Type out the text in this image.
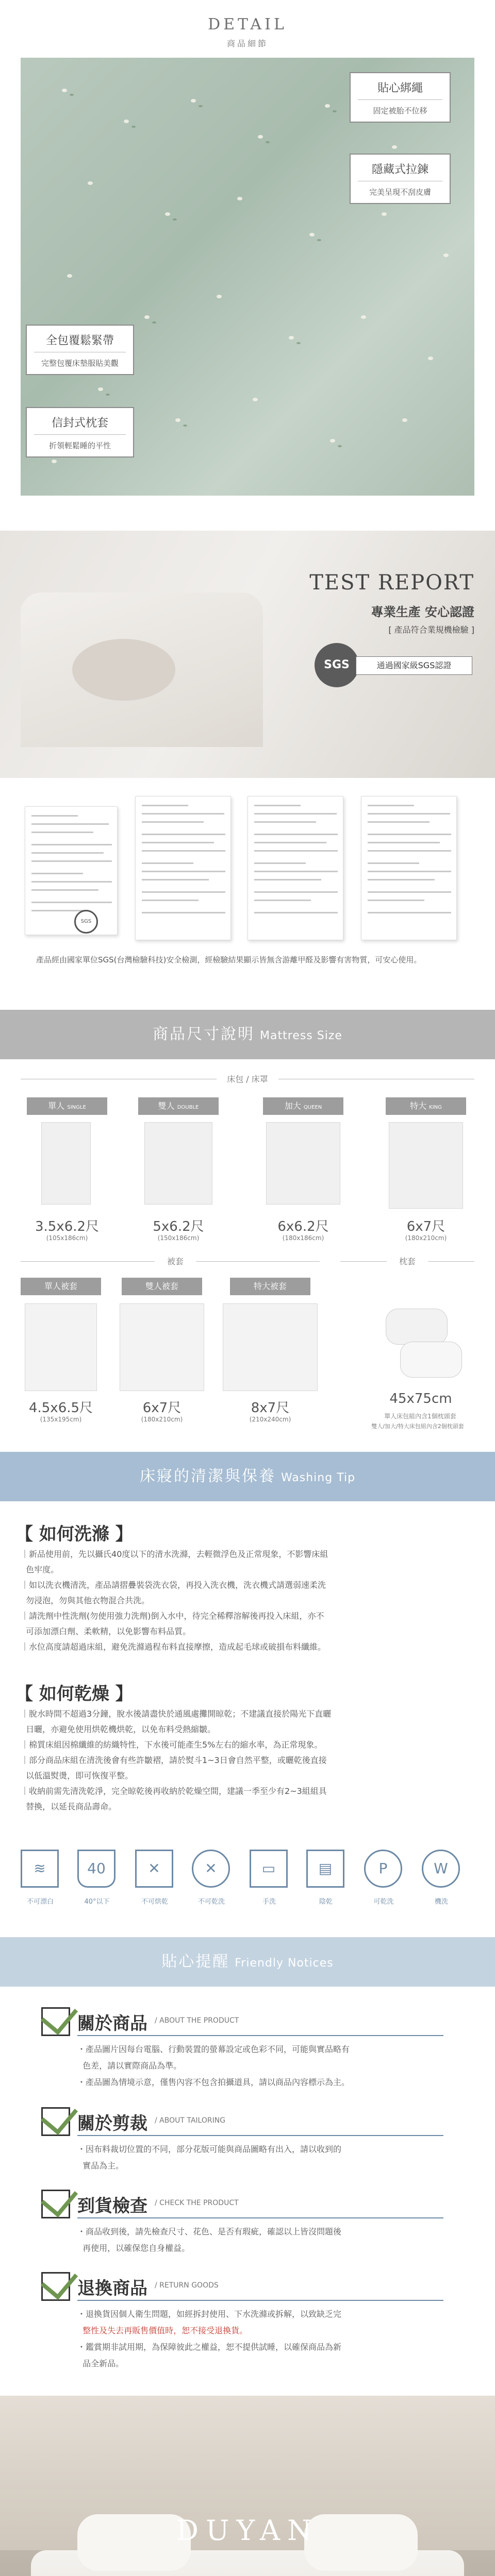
DETAIL
商品細節
貼心綁繩
固定被胎不位移
隱藏式拉鍊
完美呈現不刮皮膚
全包覆鬆緊帶
完整包覆床墊服貼美觀
信封式枕套
折領輕鬆睡的平性
TEST REPORT
專業生產 安心認證
[ 產品符合業規機檢驗 ]
SGS	通過國家級SGS認證
SGS
產品經由國家單位SGS(台灣檢驗科技)安全檢測，經檢驗結果顯示皆無含游離甲醛及影響有害物質，可安心使用。
商品尺寸說明 Mattress Size
床包 / 床罩
單人 SINGLE
3.5x6.2尺
(105x186cm)
雙人 DOUBLE
5x6.2尺
(150x186cm)
加大 QUEEN
6x6.2尺
(180x186cm)
特大 KING
6x7尺
(180x210cm)
被套	枕套
單人被套
4.5x6.5尺
(135x195cm)
雙人被套
6x7尺
(180x210cm)
特大被套
8x7尺
(210x240cm)
45x75cm
單人床包組內含1個枕頭套
雙人/加大/特大床包組內含2個枕頭套
床寢的清潔與保養 Washing Tip
【 如何洗滌 】

｜新品使用前，先以攝氏40度以下的清水洗滌，去輕微浮色及正常現象，不影響床組

色牢度。

｜如以洗衣機清洗，產品請摺疊裝袋洗衣袋，再投入洗衣機，洗衣機式請選弱速柔洗

勿浸泡，勿與其他衣物混合共洗。

｜請洗劑中性洗劑(勿使用強力洗劑)倒入水中，待完全稀釋溶解後再投入床組，亦不

可添加漂白劑、柔軟精，以免影響布料品質。

｜水位高度請超過床組，避免洗滌過程布料直接摩擦，造成起毛球或破損布料纖維。

【 如何乾燥 】

｜脫水時間不超過3分鐘，脫水後請盡快於通風處攤開晾乾；不建議直接於陽光下直曬

日曬，亦避免使用烘乾機烘乾，以免布料受熱縮皺。

｜棉質床組因棉纖維的紡織特性，下水後可能產生5%左右的縮水率，為正常現象。

｜部分商品床組在清洗後會有些許皺褶，請於熨斗1~3日會自然平整，或曬乾後直接

以低溫熨燙，即可恢復平整。

｜收納前需先清洗乾淨，完全晾乾後再收納於乾燥空間，建議一季至少有2~3組組具

替換，以延長商品壽命。

≋
不可漂白
40
40°以下
✕
不可烘乾
✕
不可乾洗
▭
手洗
▤
陰乾
P
可乾洗
W
機洗
貼心提醒 Friendly Notices
關於商品 / ABOUT THE PRODUCT
・產品圖片因每台電腦、行動裝置的螢幕設定或色彩不同，可能與實品略有
色差，請以實際商品為準。
・產品圖為情境示意，僅售內容不包含拍攝道具，請以商品內容標示為主。
關於剪裁 / ABOUT TAILORING
・因布料裁切位置的不同，部分花版可能與商品圖略有出入，請以收到的
實品為主。
到貨檢查 / CHECK THE PRODUCT
・商品收到後，請先檢查尺寸、花色、是否有瑕疵，確認以上皆沒問題後
再使用，以確保您自身權益。
退換商品 / RETURN GOODS
・退換貨因個人衛生問題，如經拆封使用、下水洗滌或拆解，以致缺乏完
整性及失去再販售價值時，恕不接受退換貨。
・鑑賞期非試用期，為保障彼此之權益，恕不提供試睡，以確保商品為新
品全新品。
DUYAN
